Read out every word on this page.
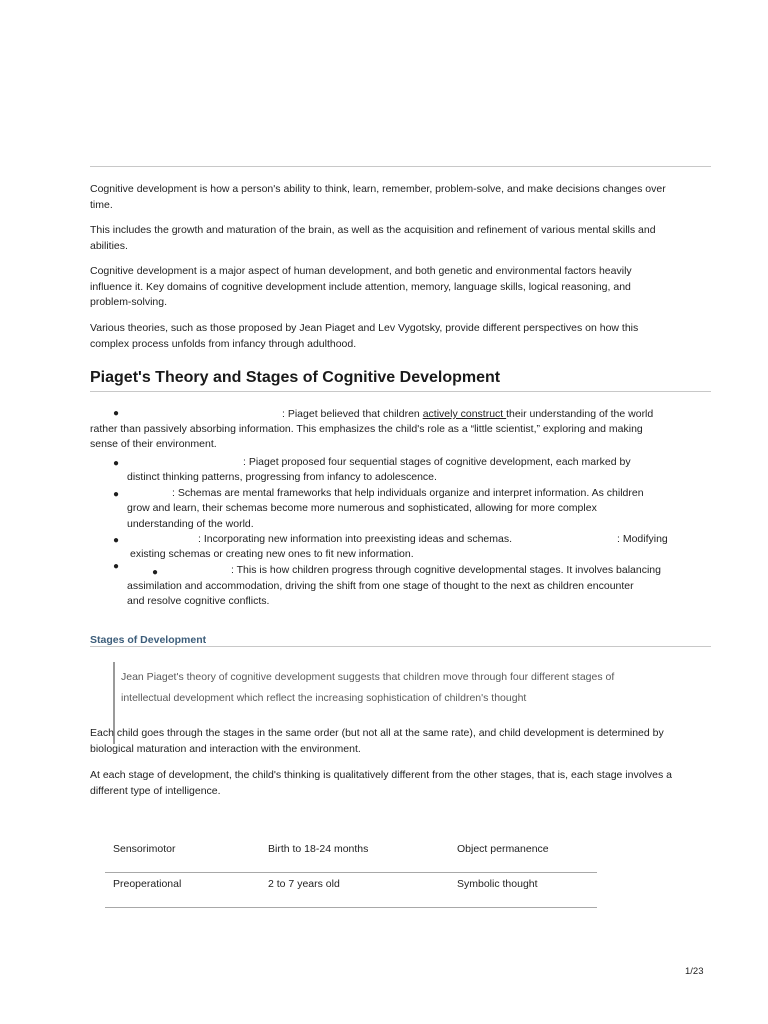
Cognitive development is how a person's ability to think, learn, remember, problem-solve, and make decisions changes over time.

This includes the growth and maturation of the brain, as well as the acquisition and refinement of various mental skills and abilities.

Cognitive development is a major aspect of human development, and both genetic and environmental factors heavily influence it. Key domains of cognitive development include attention, memory, language skills, logical reasoning, and problem-solving.

Various theories, such as those proposed by Jean Piaget and Lev Vygotsky, provide different perspectives on how this complex process unfolds from infancy through adulthood.

Piaget's Theory and Stages of Cognitive Development
●	: Piaget believed that children actively construct their understanding of the world

rather than passively absorbing information. This emphasizes the child's role as a “little scientist,” exploring and making

sense of their environment.

●	: Piaget proposed four sequential stages of cognitive development, each marked by

distinct thinking patterns, progressing from infancy to adolescence.

●	: Schemas are mental frameworks that help individuals organize and interpret information. As children

grow and learn, their schemas become more numerous and sophisticated, allowing for more complex

understanding of the world.

●	: Incorporating new information into preexisting ideas and schemas.	: Modifying

existing schemas or creating new ones to fit new information.

●
●	: This is how children progress through cognitive developmental stages. It involves balancing

assimilation and accommodation, driving the shift from one stage of thought to the next as children encounter

and resolve cognitive conflicts.

Stages of Development

Jean Piaget's theory of cognitive development suggests that children move through four different stages of

intellectual development which reflect the increasing sophistication of children's thought

Each child goes through the stages in the same order (but not all at the same rate), and child development is determined by biological maturation and interaction with the environment.

At each stage of development, the child's thinking is qualitatively different from the other stages, that is, each stage involves a different type of intelligence.

Sensorimotor	Birth to 18-24 months	Object permanence
Preoperational	2 to 7 years old	Symbolic thought
1/23
